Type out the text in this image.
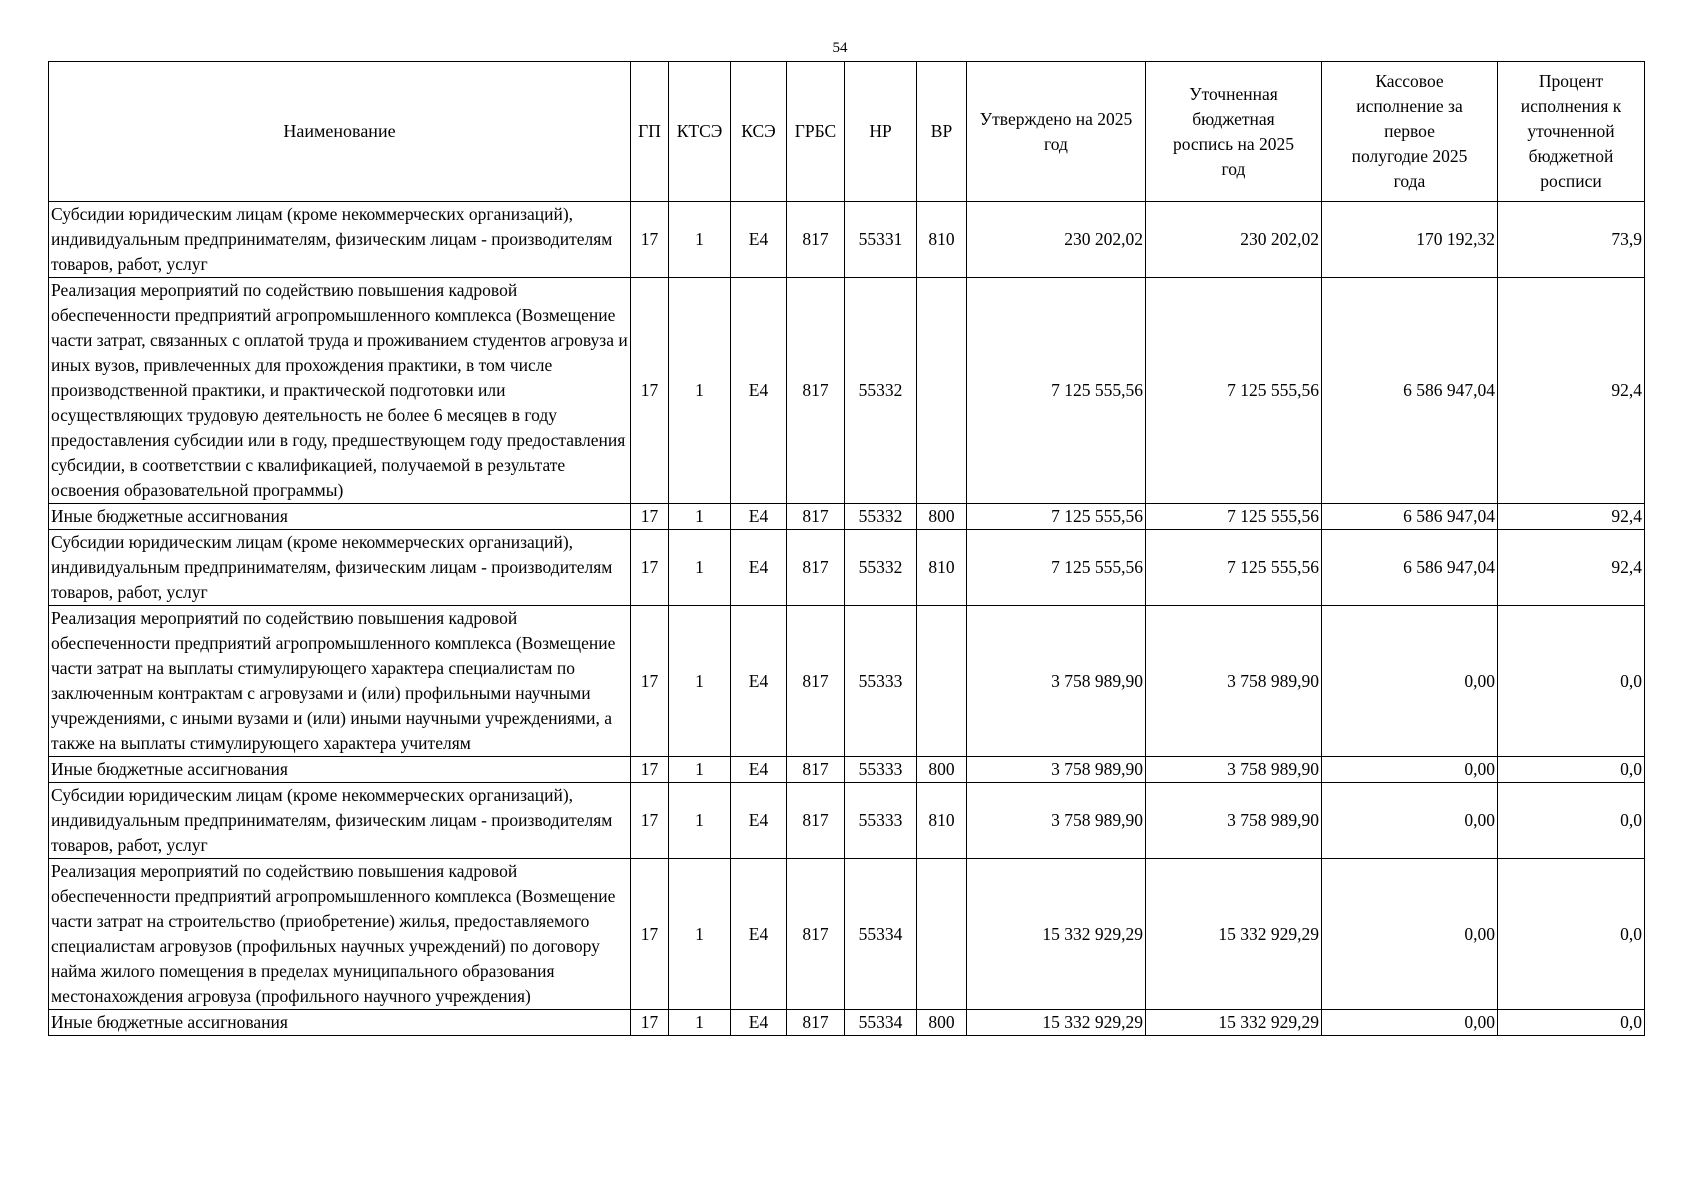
54
Наименование	ГП	КТСЭ	КСЭ	ГРБС	НР	ВР	Утверждено на 2025 год	Уточненная бюджетная роспись на 2025 год	Кассовое исполнение за первое полугодие 2025 года	Процент исполнения к уточненной бюджетной росписи
Субсидии юридическим лицам (кроме некоммерческих организаций), индивидуальным предпринимателям, физическим лицам - производителям товаров, работ, услуг	17	1	Е4	817	55331	810	230 202,02	230 202,02	170 192,32	73,9
Реализация мероприятий по содействию повышения кадровой обеспеченности предприятий агропромышленного комплекса (Возмещение части затрат, связанных с оплатой труда и проживанием студентов агровуза и иных вузов, привлеченных для прохождения практики, в том числе производственной практики, и практической подготовки или осуществляющих трудовую деятельность не более 6 месяцев в году предоставления субсидии или в году, предшествующем году предоставления субсидии, в соответствии с квалификацией, получаемой в результате освоения образовательной программы)	17	1	Е4	817	55332		7 125 555,56	7 125 555,56	6 586 947,04	92,4
Иные бюджетные ассигнования	17	1	Е4	817	55332	800	7 125 555,56	7 125 555,56	6 586 947,04	92,4
Субсидии юридическим лицам (кроме некоммерческих организаций), индивидуальным предпринимателям, физическим лицам - производителям товаров, работ, услуг	17	1	Е4	817	55332	810	7 125 555,56	7 125 555,56	6 586 947,04	92,4
Реализация мероприятий по содействию повышения кадровой обеспеченности предприятий агропромышленного комплекса (Возмещение части затрат на выплаты стимулирующего характера специалистам по заключенным контрактам с агровузами и (или) профильными научными учреждениями, с иными вузами и (или) иными научными учреждениями, а также на выплаты стимулирующего характера учителям	17	1	Е4	817	55333		3 758 989,90	3 758 989,90	0,00	0,0
Иные бюджетные ассигнования	17	1	Е4	817	55333	800	3 758 989,90	3 758 989,90	0,00	0,0
Субсидии юридическим лицам (кроме некоммерческих организаций), индивидуальным предпринимателям, физическим лицам - производителям товаров, работ, услуг	17	1	Е4	817	55333	810	3 758 989,90	3 758 989,90	0,00	0,0
Реализация мероприятий по содействию повышения кадровой обеспеченности предприятий агропромышленного комплекса (Возмещение части затрат на строительство (приобретение) жилья, предоставляемого специалистам агровузов (профильных научных учреждений) по договору найма жилого помещения в пределах муниципального образования местонахождения агровуза (профильного научного учреждения)	17	1	Е4	817	55334		15 332 929,29	15 332 929,29	0,00	0,0
Иные бюджетные ассигнования	17	1	Е4	817	55334	800	15 332 929,29	15 332 929,29	0,00	0,0
